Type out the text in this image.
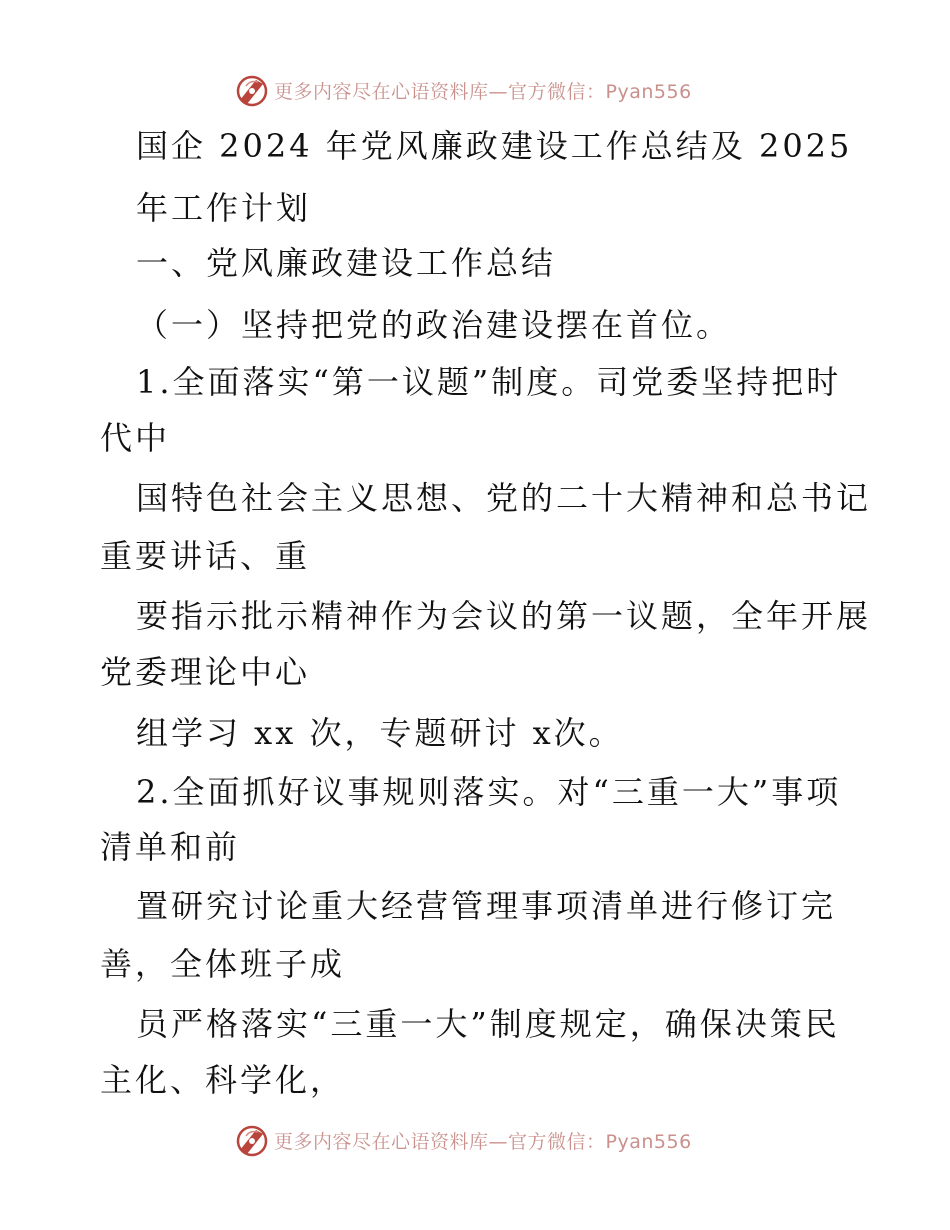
更多内容尽在心语资料库—官方微信：Pyan556
国企 2024 年党风廉政建设工作总结及 2025
年工作计划
一、党风廉政建设工作总结
（一）坚持把党的政治建设摆在首位。
1.全面落实“第一议题”制度。司党委坚持把时
代中
国特色社会主义思想、党的二十大精神和总书记
重要讲话、重
要指示批示精神作为会议的第一议题，全年开展
党委理论中心
组学习 xx 次，专题研讨 x次。
2.全面抓好议事规则落实。对“三重一大”事项
清单和前
置研究讨论重大经营管理事项清单进行修订完
善，全体班子成
员严格落实“三重一大”制度规定，确保决策民
主化、科学化，
更多内容尽在心语资料库—官方微信：Pyan556
